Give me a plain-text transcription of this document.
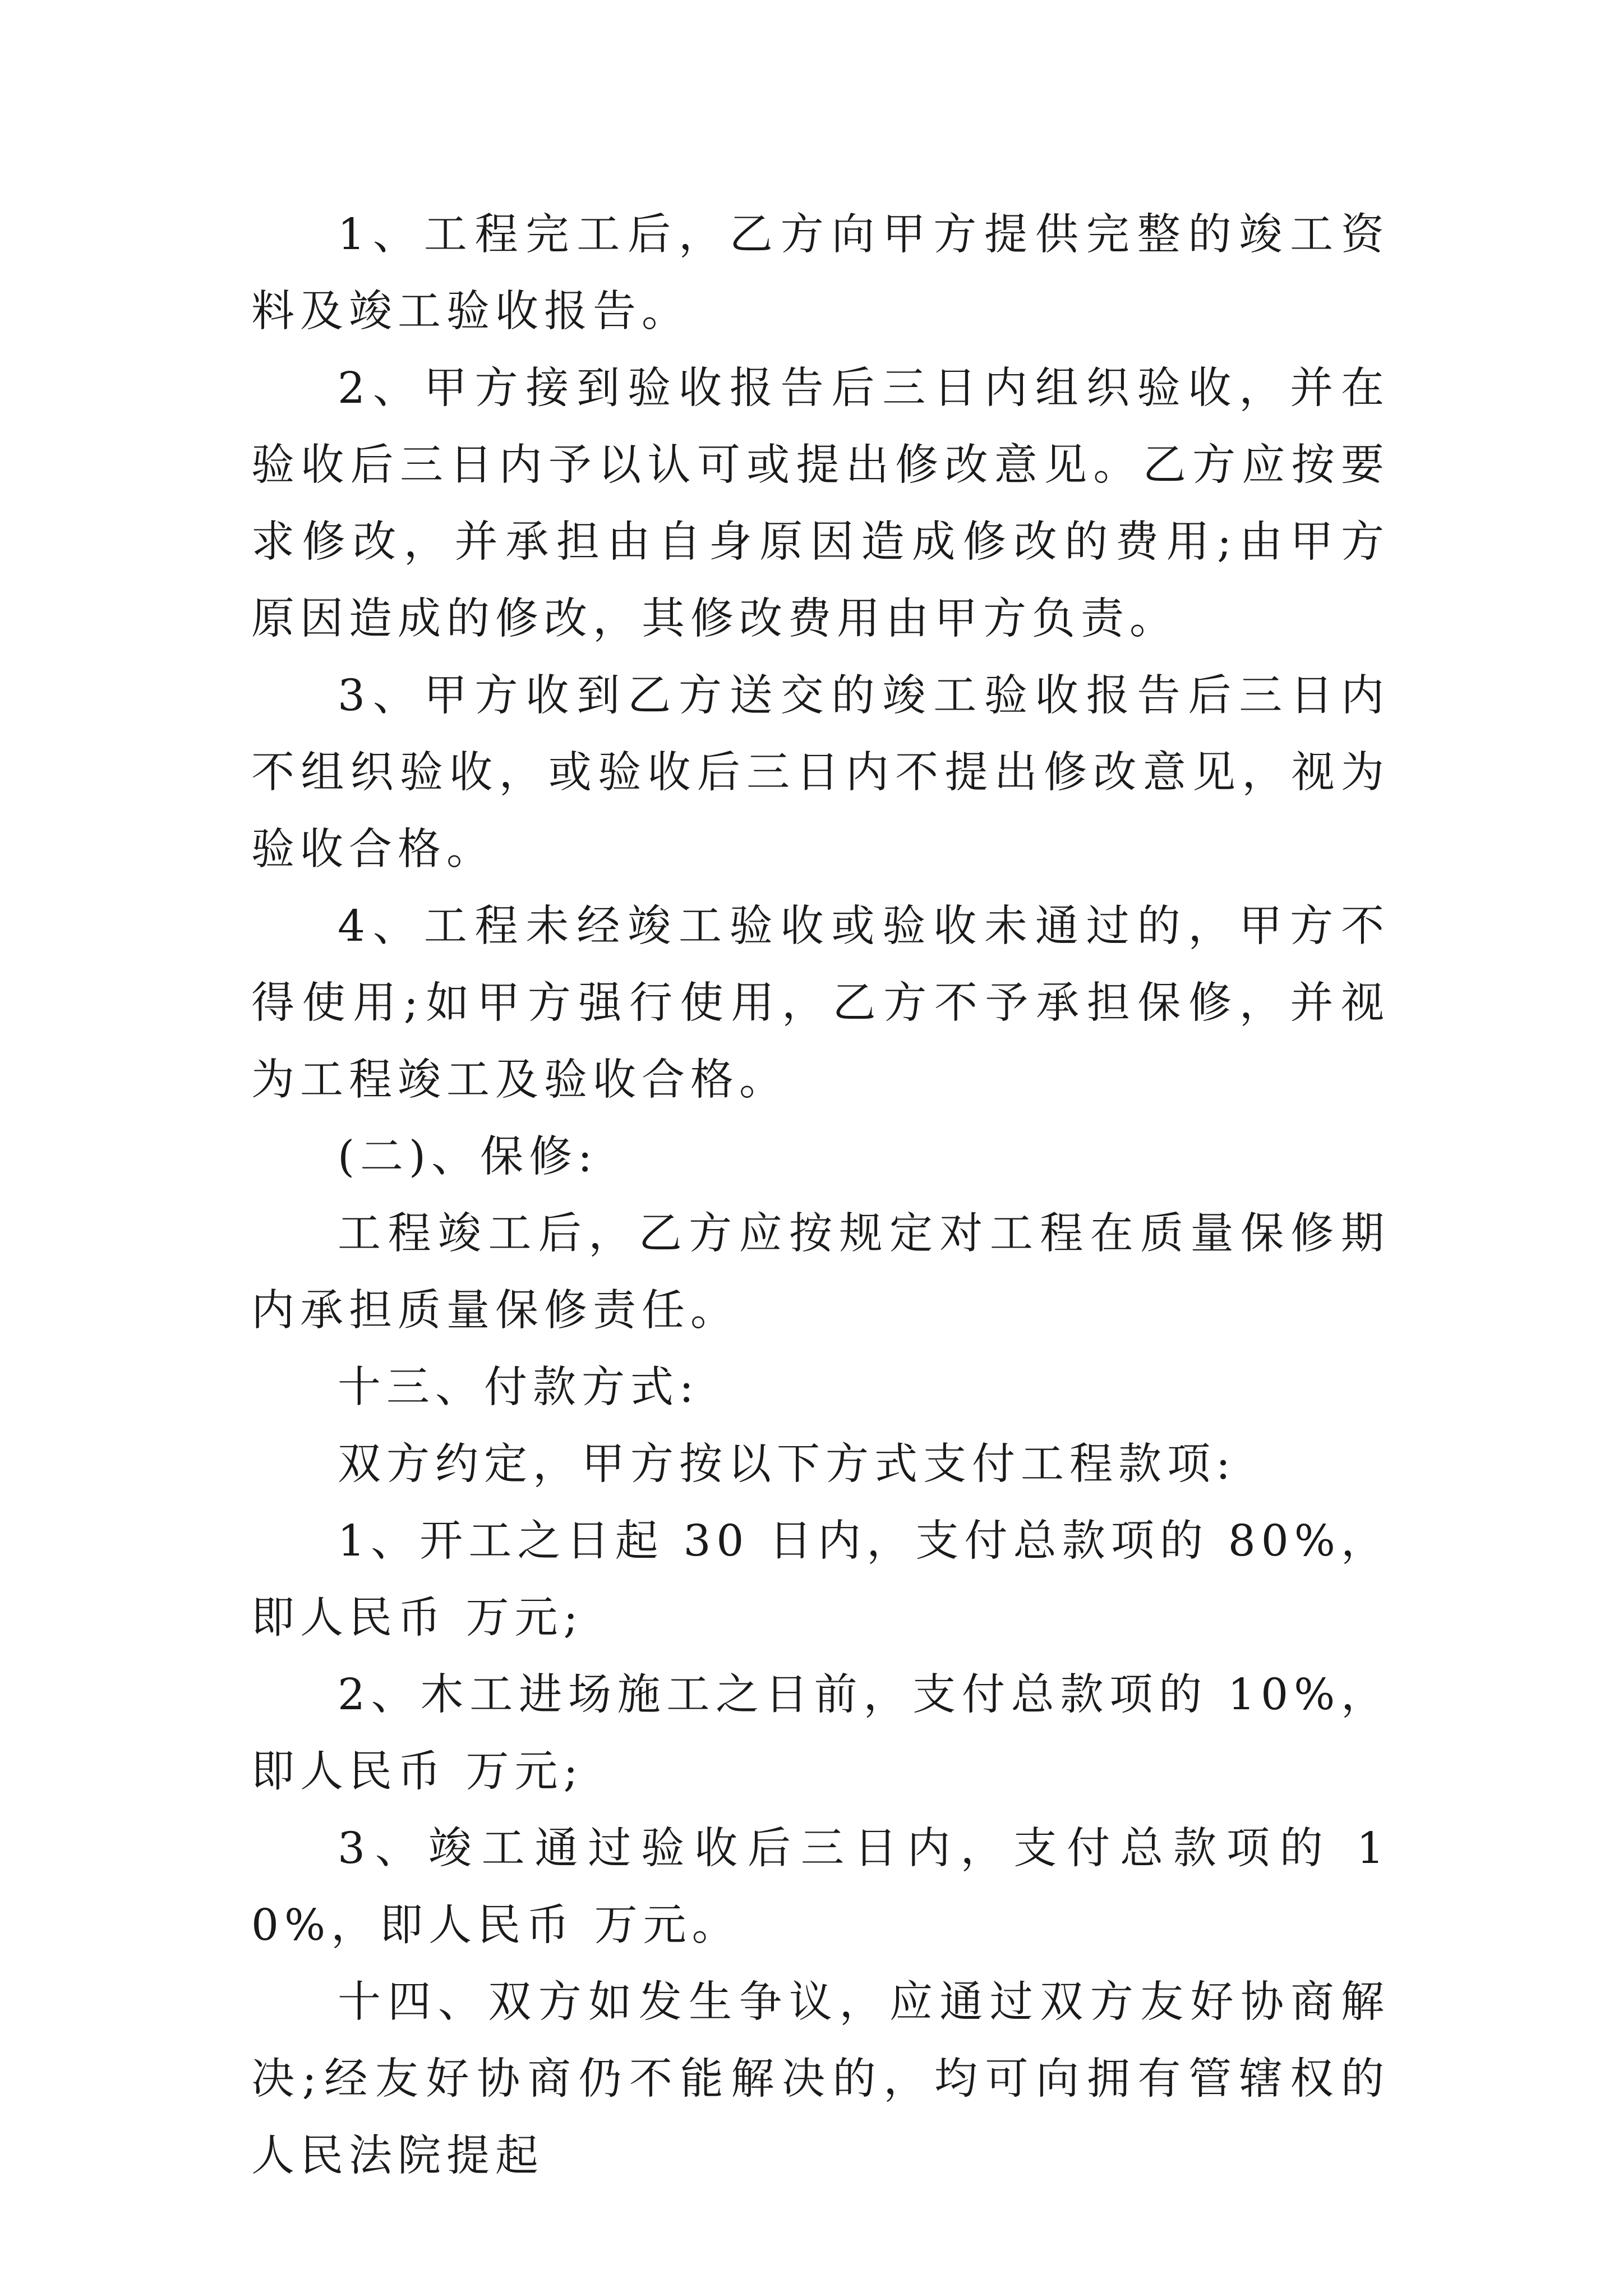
1、工程完工后，乙方向甲方提供完整的竣工资料及竣工验收报告。

2、甲方接到验收报告后三日内组织验收，并在验收后三日内予以认可或提出修改意见。乙方应按要求修改，并承担由自身原因造成修改的费用;由甲方原因造成的修改，其修改费用由甲方负责。

3、甲方收到乙方送交的竣工验收报告后三日内不组织验收，或验收后三日内不提出修改意见，视为验收合格。

4、工程未经竣工验收或验收未通过的，甲方不得使用;如甲方强行使用，乙方不予承担保修，并视为工程竣工及验收合格。

(二)、保修:

工程竣工后，乙方应按规定对工程在质量保修期内承担质量保修责任。

十三、付款方式:

双方约定，甲方按以下方式支付工程款项:

1、开工之日起 30 日内，支付总款项的 80%，即人民币 万元;

2、木工进场施工之日前，支付总款项的 10%，即人民币 万元;

3、竣工通过验收后三日内，支付总款项的 10%，即人民币 万元。

十四、双方如发生争议，应通过双方友好协商解决;经友好协商仍不能解决的，均可向拥有管辖权的人民法院提起
